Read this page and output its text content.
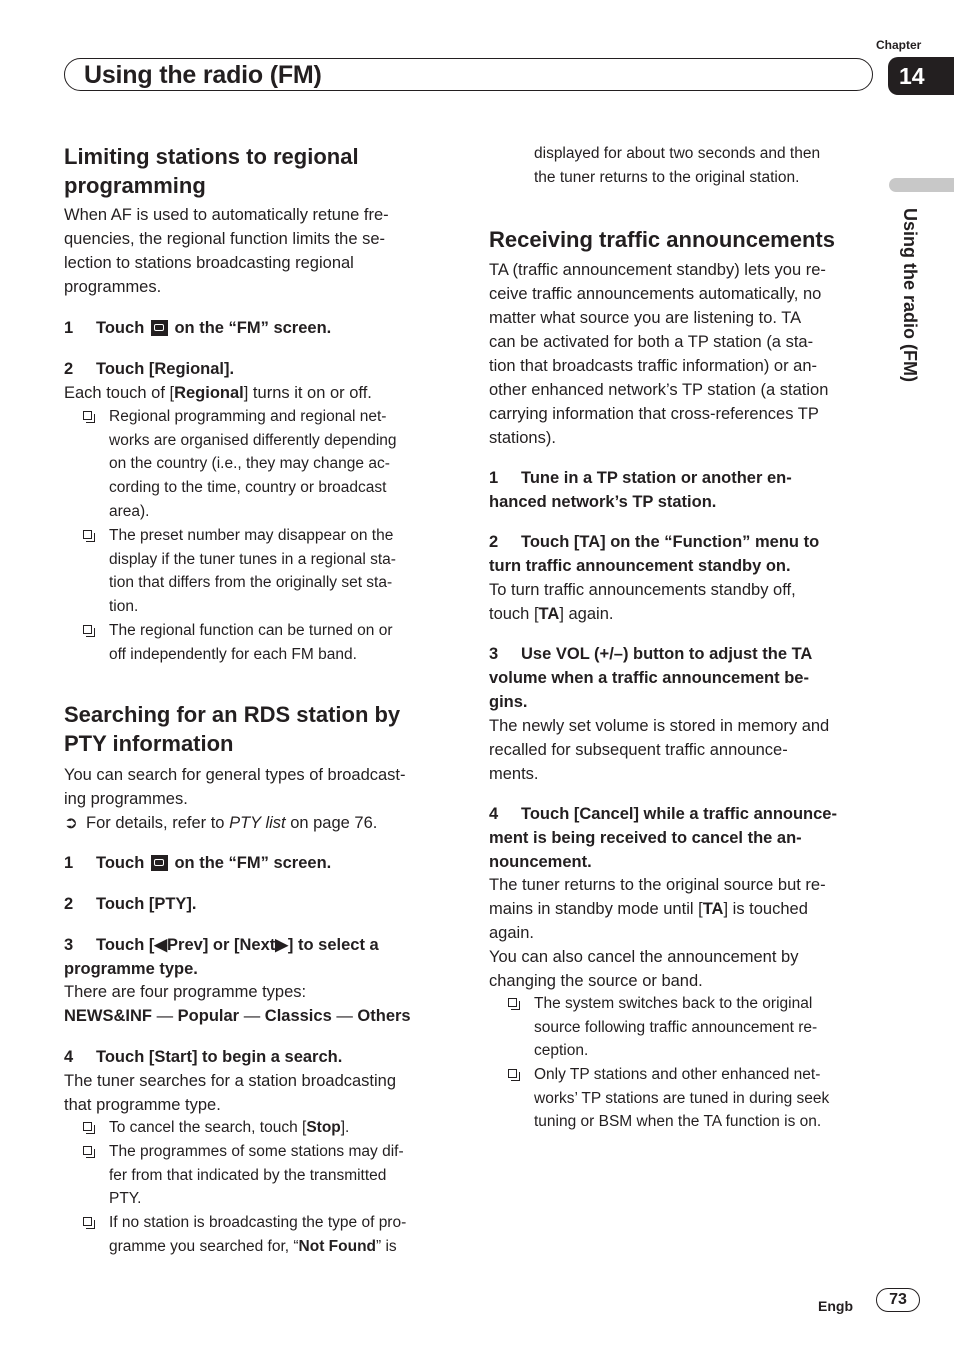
Using the radio (FM)
Chapter
14
Using the radio (FM)
Limiting stations to regional
programming
When AF is used to automatically retune fre-
quencies, the regional function limits the se-
lection to stations broadcasting regional
programmes.
1 Touch on the “FM” screen.
2 Touch [Regional].
Each touch of [Regional] turns it on or off.
Regional programming and regional net-
works are organised differently depending
on the country (i.e., they may change ac-
cording to the time, country or broadcast
area).
The preset number may disappear on the
display if the tuner tunes in a regional sta-
tion that differs from the originally set sta-
tion.
The regional function can be turned on or
off independently for each FM band.
Searching for an RDS station by
PTY information
You can search for general types of broadcast-
ing programmes.
➲ For details, refer to PTY list on page 76.
1 Touch on the “FM” screen.
2 Touch [PTY].
3 Touch [◀Prev] or [Next▶] to select a
programme type.
There are four programme types:
NEWS&INF — Popular — Classics — Others
4 Touch [Start] to begin a search.
The tuner searches for a station broadcasting
that programme type.
To cancel the search, touch [Stop].
The programmes of some stations may dif-
fer from that indicated by the transmitted
PTY.
If no station is broadcasting the type of pro-
gramme you searched for, “Not Found” is
displayed for about two seconds and then
the tuner returns to the original station.
Receiving traffic announcements
TA (traffic announcement standby) lets you re-
ceive traffic announcements automatically, no
matter what source you are listening to. TA
can be activated for both a TP station (a sta-
tion that broadcasts traffic information) or an-
other enhanced network’s TP station (a station
carrying information that cross-references TP
stations).
1 Tune in a TP station or another en-
hanced network’s TP station.
2 Touch [TA] on the “Function” menu to
turn traffic announcement standby on.
To turn traffic announcements standby off,
touch [TA] again.
3 Use VOL (+/–) button to adjust the TA
volume when a traffic announcement be-
gins.
The newly set volume is stored in memory and
recalled for subsequent traffic announce-
ments.
4 Touch [Cancel] while a traffic announce-
ment is being received to cancel the an-
nouncement.
The tuner returns to the original source but re-
mains in standby mode until [TA] is touched
again.
You can also cancel the announcement by
changing the source or band.
The system switches back to the original
source following traffic announcement re-
ception.
Only TP stations and other enhanced net-
works’ TP stations are tuned in during seek
tuning or BSM when the TA function is on.
Engb	73
